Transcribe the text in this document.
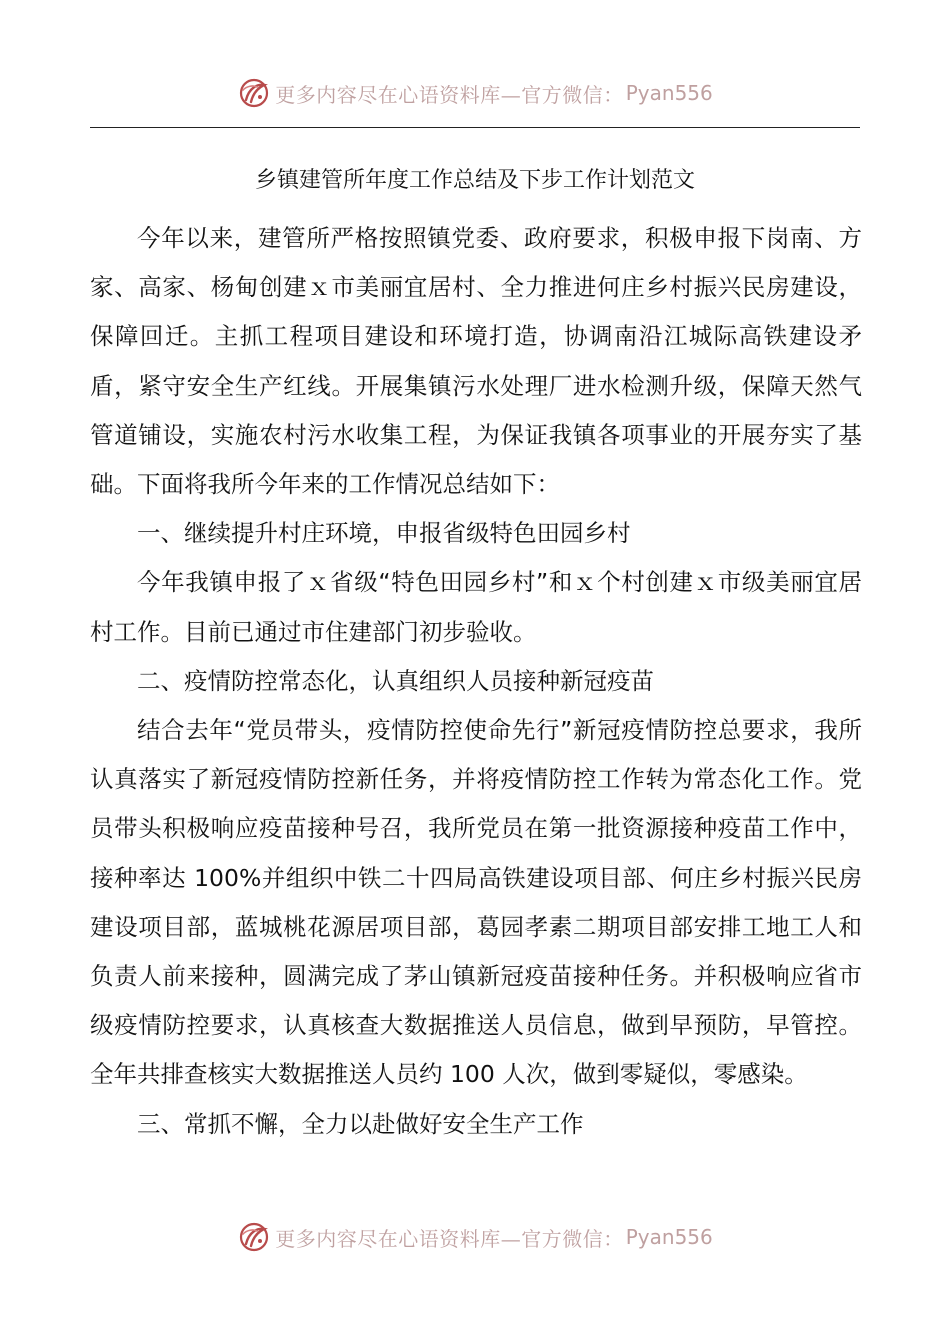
更多内容尽在心语资料库—官方微信： Pyan556
乡镇建管所年度工作总结及下步工作计划范文

今年以来，建管所严格按照镇党委、政府要求，积极申报下岗南、方家、高家、杨甸创建ｘ市美丽宜居村、全力推进何庄乡村振兴民房建设，保障回迁。主抓工程项目建设和环境打造，协调南沿江城际高铁建设矛盾，紧守安全生产红线。开展集镇污水处理厂进水检测升级，保障天然气管道铺设，实施农村污水收集工程，为保证我镇各项事业的开展夯实了基础。下面将我所今年来的工作情况总结如下：

一、继续提升村庄环境，申报省级特色田园乡村

今年我镇申报了ｘ省级“特色田园乡村”和ｘ个村创建ｘ市级美丽宜居村工作。目前已通过市住建部门初步验收。

二、疫情防控常态化，认真组织人员接种新冠疫苗

结合去年“党员带头，疫情防控使命先行”新冠疫情防控总要求，我所认真落实了新冠疫情防控新任务，并将疫情防控工作转为常态化工作。党员带头积极响应疫苗接种号召，我所党员在第一批资源接种疫苗工作中，接种率达 100%并组织中铁二十四局高铁建设项目部、何庄乡村振兴民房建设项目部，蓝城桃花源居项目部，葛园孝素二期项目部安排工地工人和负责人前来接种，圆满完成了茅山镇新冠疫苗接种任务。并积极响应省市级疫情防控要求，认真核查大数据推送人员信息，做到早预防，早管控。全年共排查核实大数据推送人员约 100 人次，做到零疑似，零感染。

三、常抓不懈，全力以赴做好安全生产工作

更多内容尽在心语资料库—官方微信： Pyan556
